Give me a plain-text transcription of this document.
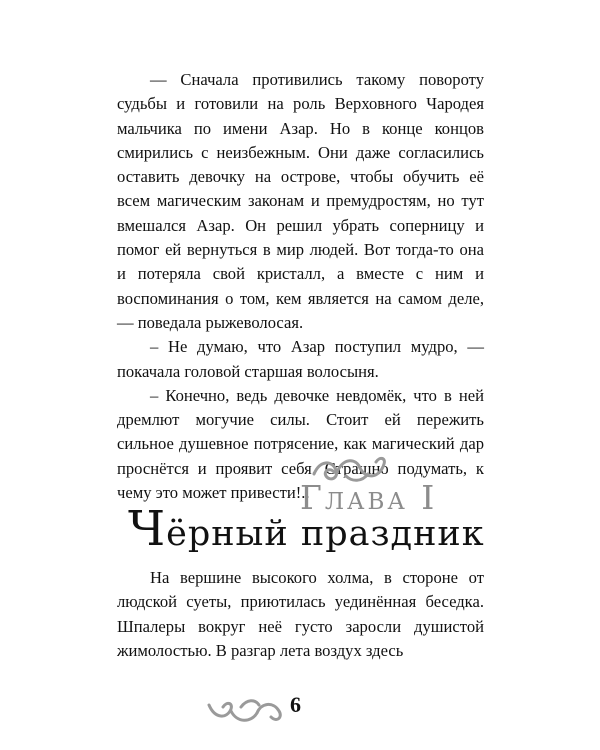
— Сначала противились такому повороту судьбы и готовили на роль Верховного Чародея мальчика по имени Азар. Но в конце концов смирились с неизбежным. Они даже согласились оставить девочку на острове, чтобы обучить её всем магическим законам и премудростям, но тут вмешался Азар. Он решил убрать соперницу и помог ей вернуться в мир людей. Вот тогда-то она и потеряла свой кристалл, а вместе с ним и воспоминания о том, кем является на самом деле, — поведала рыжеволосая.

– Не думаю, что Азар поступил мудро, — покачала головой старшая волосыня.

– Конечно, ведь девочке невдомёк, что в ней дремлют могучие силы. Стоит ей пережить сильное душевное потрясение, как магический дар проснётся и проявит себя. Страшно подумать, к чему это может привести!..

Глава I
Чёрный праздник

На вершине высокого холма, в стороне от людской суеты, приютилась уединённая беседка. Шпалеры вокруг неё густо заросли душистой жимолостью. В разгар лета воздух здесь

6
